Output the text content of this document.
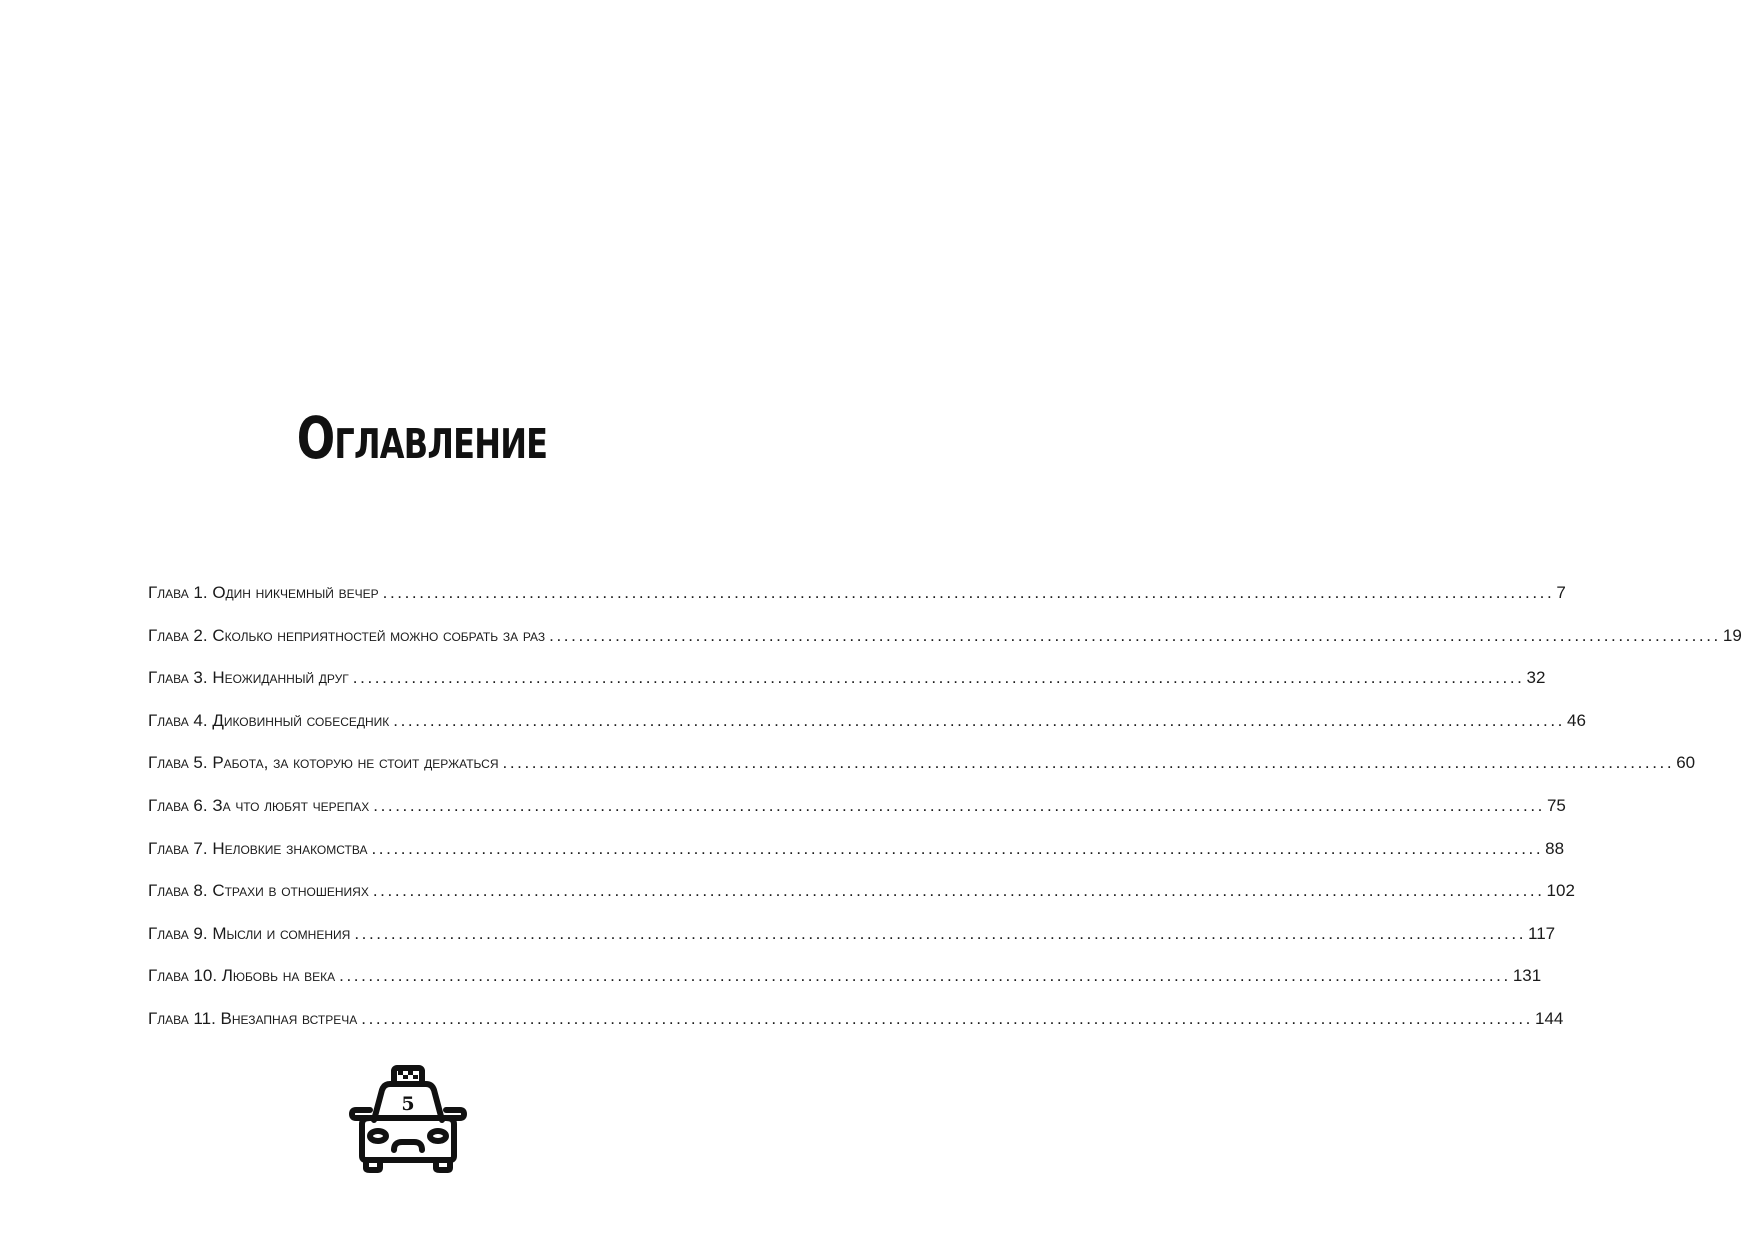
Оглавление
Глава 1. Один никчемный вечер ................................................................................................................................................................ 7
Глава 2. Сколько неприятностей можно собрать за раз ................................................................................................................................................................ 19
Глава 3. Неожиданный друг ................................................................................................................................................................ 32
Глава 4. Диковинный собеседник ................................................................................................................................................................ 46
Глава 5. Работа, за которую не стоит держаться ................................................................................................................................................................ 60
Глава 6. За что любят черепах ................................................................................................................................................................ 75
Глава 7. Неловкие знакомства ................................................................................................................................................................ 88
Глава 8. Страхи в отношениях ................................................................................................................................................................ 102
Глава 9. Мысли и сомнения ................................................................................................................................................................ 117
Глава 10. Любовь на века ................................................................................................................................................................ 131
Глава 11. Внезапная встреча ................................................................................................................................................................ 144
5
